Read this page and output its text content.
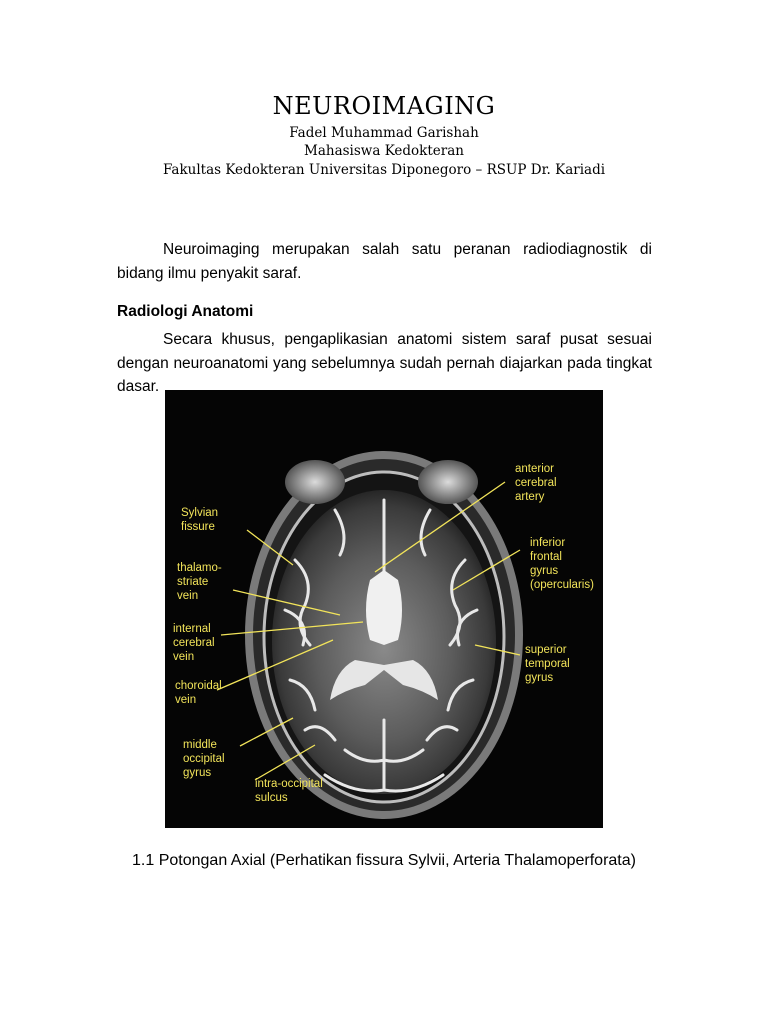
NEUROIMAGING
Fadel Muhammad Garishah
Mahasiswa Kedokteran
Fakultas Kedokteran Universitas Diponegoro – RSUP Dr. Kariadi
Neuroimaging merupakan salah satu peranan radiodiagnostik di bidang ilmu penyakit saraf.
Radiologi Anatomi
Secara khusus, pengaplikasian anatomi sistem saraf pusat sesuai dengan neuroanatomi yang sebelumnya sudah pernah diajarkan pada tingkat dasar.
Sylvian fissure
thalamo- striate vein
internal cerebral vein
choroidal vein
middle occipital gyrus
intra-occipital sulcus
anterior cerebral artery
inferior frontal gyrus (opercularis)
superior temporal gyrus
1.1 Potongan Axial (Perhatikan fissura Sylvii, Arteria Thalamoperforata)
